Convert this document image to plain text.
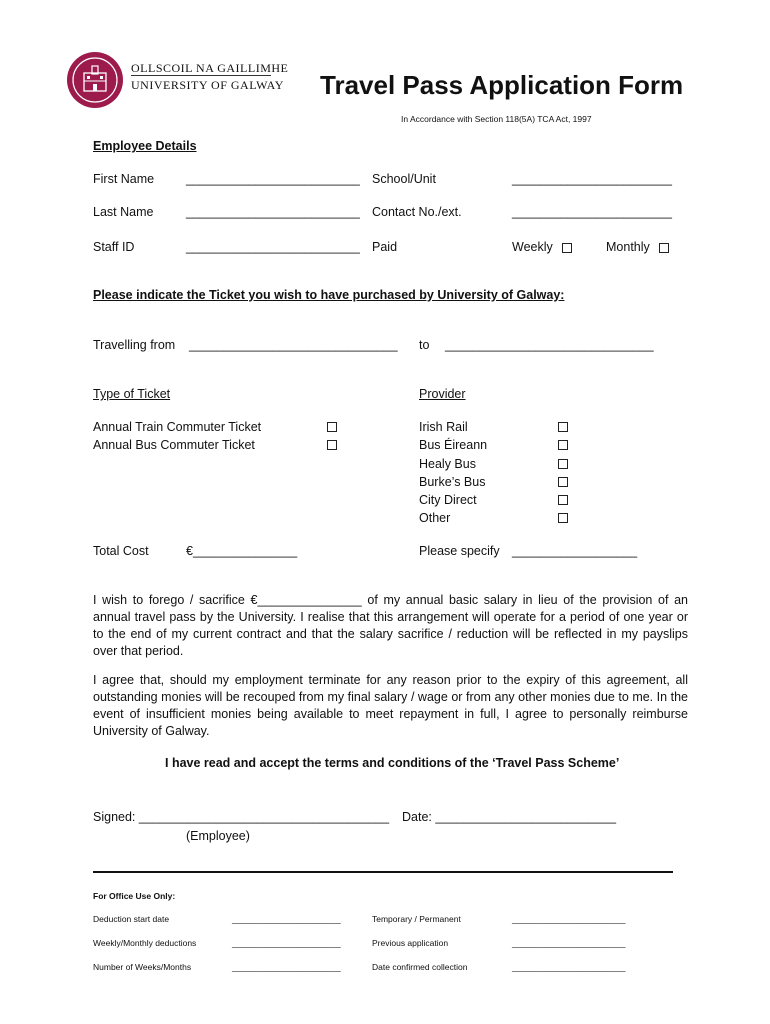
OLLSCOIL NA GAILLIMHE
UNIVERSITY OF GALWAY Travel Pass Application Form
In Accordance with Section 118(5A) TCA Act, 1997
Employee Details
First Name	_________________________ School/Unit	_______________________
Last Name	_________________________ Contact No./ext.	_______________________
Staff ID	_________________________ Paid	Weekly	Monthly
Please indicate the Ticket you wish to have purchased by University of Galway:
Travelling from ______________________________ to ______________________________
Type of Ticket	Provider
Annual Train Commuter Ticket
Annual Bus Commuter Ticket
Irish Rail
Bus Éireann
Healy Bus
Burke’s Bus
City Direct
Other
Total Cost	€_______________	Please specify __________________
I wish to forego / sacrifice €_______________ of my annual basic salary in lieu of the provision of an annual travel pass by the University. I realise that this arrangement will operate for a period of one year or to the end of my current contract and that the salary sacrifice / reduction will be reflected in my payslips over that period.
I agree that, should my employment terminate for any reason prior to the expiry of this agreement, all outstanding monies will be recouped from my final salary / wage or from any other monies due to me. In the event of insufficient monies being available to meet repayment in full, I agree to personally reimburse University of Galway.
I have read and accept the terms and conditions of the ‘Travel Pass Scheme’
Signed: ____________________________________ Date: __________________________
(Employee)
For Office Use Only:
Deduction start date	_______________________	Temporary / Permanent	________________________
Weekly/Monthly deductions	_______________________	Previous application	________________________
Number of Weeks/Months	_______________________	Date confirmed collection	________________________
